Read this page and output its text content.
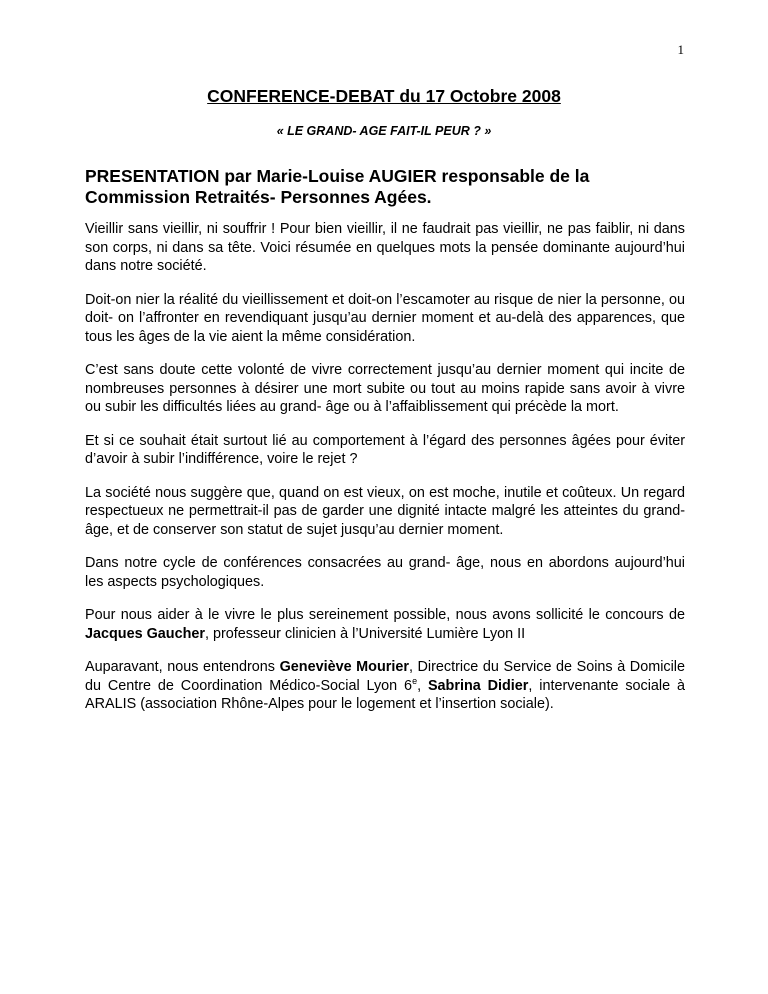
1
CONFERENCE-DEBAT du 17 Octobre 2008
« LE GRAND- AGE FAIT-IL PEUR ? »
PRESENTATION par Marie-Louise AUGIER responsable de la
Commission Retraités- Personnes Agées.

Vieillir sans vieillir, ni souffrir ! Pour bien vieillir, il ne faudrait pas vieillir, ne pas faiblir, ni dans son corps, ni dans sa tête. Voici résumée en quelques mots la pensée dominante aujourd’hui dans notre société.

Doit-on nier la réalité du vieillissement et doit-on l’escamoter au risque de nier la personne, ou doit- on l’affronter en revendiquant jusqu’au dernier moment et au-delà des apparences, que tous les âges de la vie aient la même considération.

C’est sans doute cette volonté de vivre correctement jusqu’au dernier moment qui incite de nombreuses personnes à désirer une mort subite ou tout au moins rapide sans avoir à vivre ou subir les difficultés liées au grand- âge ou à l’affaiblissement qui précède la mort.

Et si ce souhait était surtout lié au comportement à l’égard des personnes âgées pour éviter d’avoir à subir l’indifférence, voire le rejet ?

La société nous suggère que, quand on est vieux, on est moche, inutile et coûteux. Un regard respectueux ne permettrait-il pas de garder une dignité intacte malgré les atteintes du grand- âge, et de conserver son statut de sujet jusqu’au dernier moment.

Dans notre cycle de conférences consacrées au grand- âge, nous en abordons aujourd’hui les aspects psychologiques.

Pour nous aider à le vivre le plus sereinement possible, nous avons sollicité le concours de Jacques Gaucher, professeur clinicien à l’Université Lumière Lyon II

Auparavant, nous entendrons Geneviève Mourier, Directrice du Service de Soins à Domicile du Centre de Coordination Médico-Social Lyon 6e, Sabrina Didier, intervenante sociale à ARALIS (association Rhône-Alpes pour le logement et l’insertion sociale).
